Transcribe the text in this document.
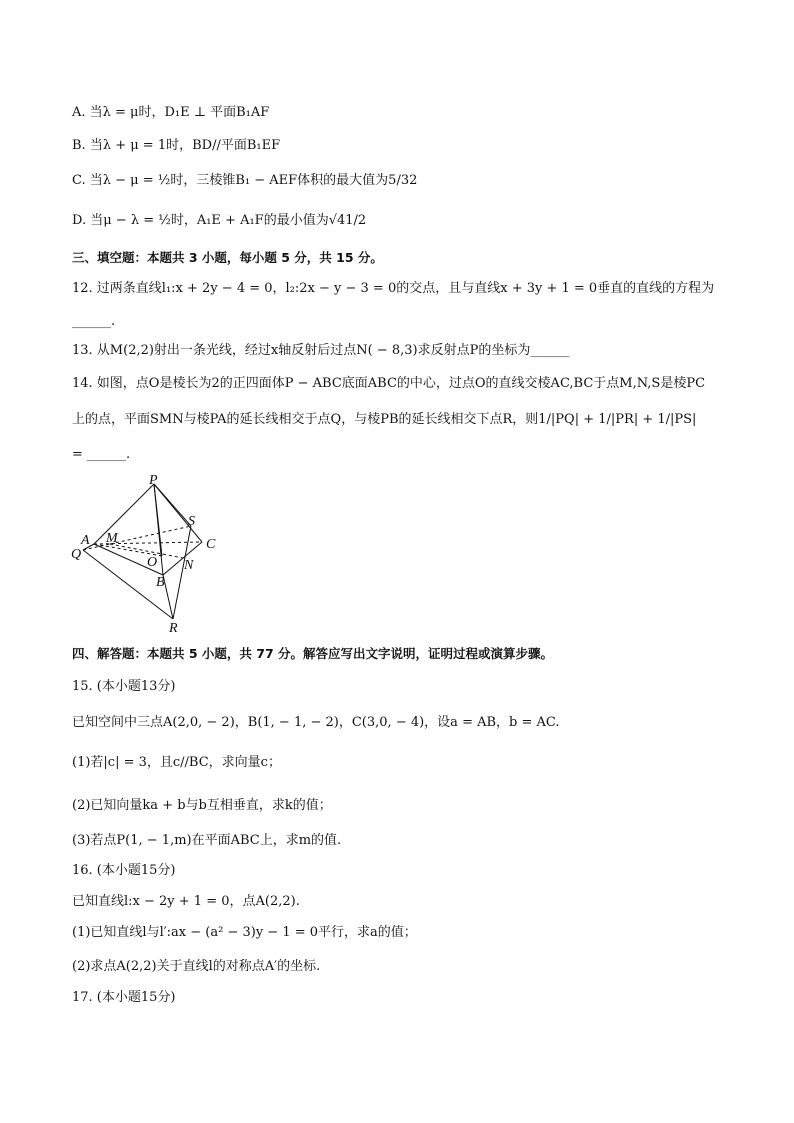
A. 当λ = μ时，D₁E ⊥ 平面B₁AF
B. 当λ + μ = 1时，BD//平面B₁EF
C. 当λ − μ = ½时，三棱锥B₁ − AEF体积的最大值为5/32
D. 当μ − λ = ½时，A₁E + A₁F的最小值为√41/2
三、填空题：本题共 3 小题，每小题 5 分，共 15 分。
12. 过两条直线l₁:x + 2y − 4 = 0，l₂:2x − y − 3 = 0的交点，且与直线x + 3y + 1 = 0垂直的直线的方程为
______.
13. 从M(2,2)射出一条光线，经过x轴反射后过点N( − 8,3)求反射点P的坐标为______
14. 如图，点O是棱长为2的正四面体P − ABC底面ABC的中心，过点O的直线交棱AC,BC于点M,N,S是棱PC
上的点，平面SMN与棱PA的延长线相交于点Q，与棱PB的延长线相交下点R，则1/|PQ| + 1/|PR| + 1/|PS|
= ______.
P
S
A M	C
Q
O N
B
R
四、解答题：本题共 5 小题，共 77 分。解答应写出文字说明，证明过程或演算步骤。
15. (本小题13分)
已知空间中三点A(2,0, − 2)，B(1, − 1, − 2)，C(3,0, − 4)，设a = AB，b = AC.
(1)若|c| = 3，且c//BC，求向量c；
(2)已知向量ka + b与b互相垂直，求k的值；
(3)若点P(1, − 1,m)在平面ABC上，求m的值.
16. (本小题15分)
已知直线l:x − 2y + 1 = 0，点A(2,2).
(1)已知直线l与l′:ax − (a² − 3)y − 1 = 0平行，求a的值；
(2)求点A(2,2)关于直线l的对称点A′的坐标.
17. (本小题15分)
